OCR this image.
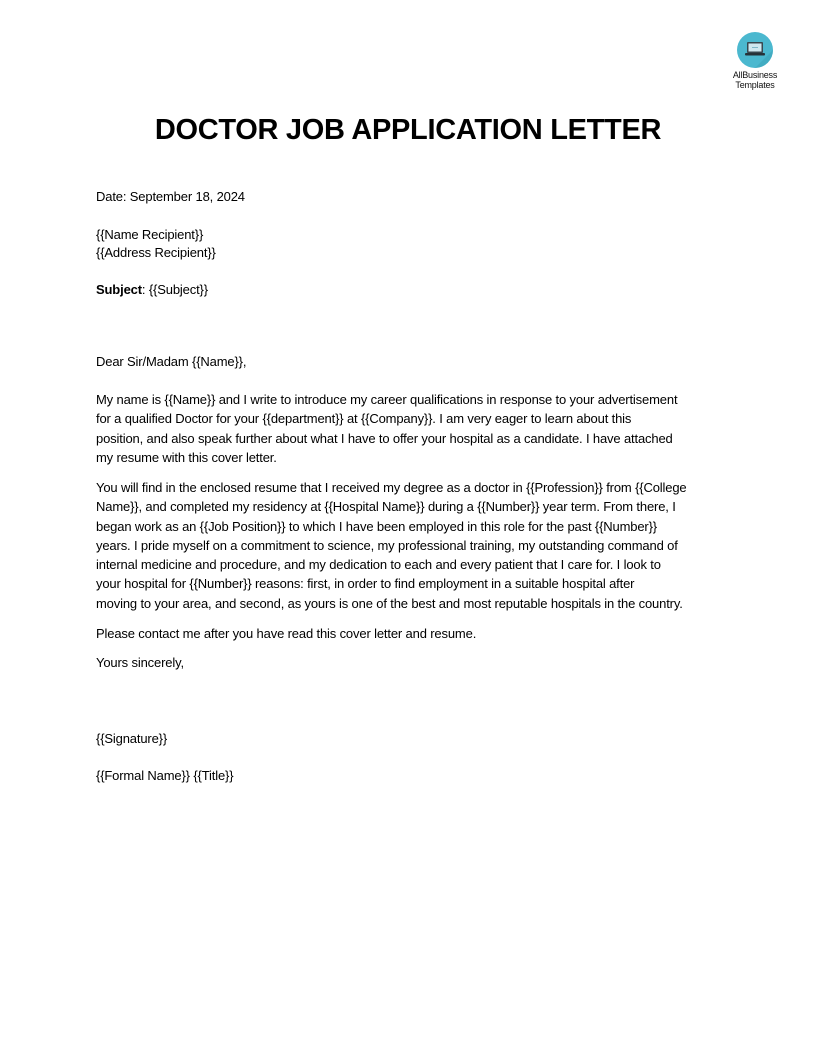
AllBusiness
Templates
DOCTOR JOB APPLICATION LETTER
Date: September 18, 2024
{{Name Recipient}}
{{Address Recipient}}
Subject: {{Subject}}
Dear Sir/Madam {{Name}},
My name is {{Name}} and I write to introduce my career qualifications in response to your advertisement
for a qualified Doctor for your {{department}} at {{Company}}. I am very eager to learn about this
position, and also speak further about what I have to offer your hospital as a candidate. I have attached
my resume with this cover letter.
You will find in the enclosed resume that I received my degree as a doctor in {{Profession}} from {{College
Name}}, and completed my residency at {{Hospital Name}} during a {{Number}} year term. From there, I
began work as an {{Job Position}} to which I have been employed in this role for the past {{Number}}
years. I pride myself on a commitment to science, my professional training, my outstanding command of
internal medicine and procedure, and my dedication to each and every patient that I care for. I look to
your hospital for {{Number}} reasons: first, in order to find employment in a suitable hospital after
moving to your area, and second, as yours is one of the best and most reputable hospitals in the country.
Please contact me after you have read this cover letter and resume.
Yours sincerely,
{{Signature}}
{{Formal Name}} {{Title}}
